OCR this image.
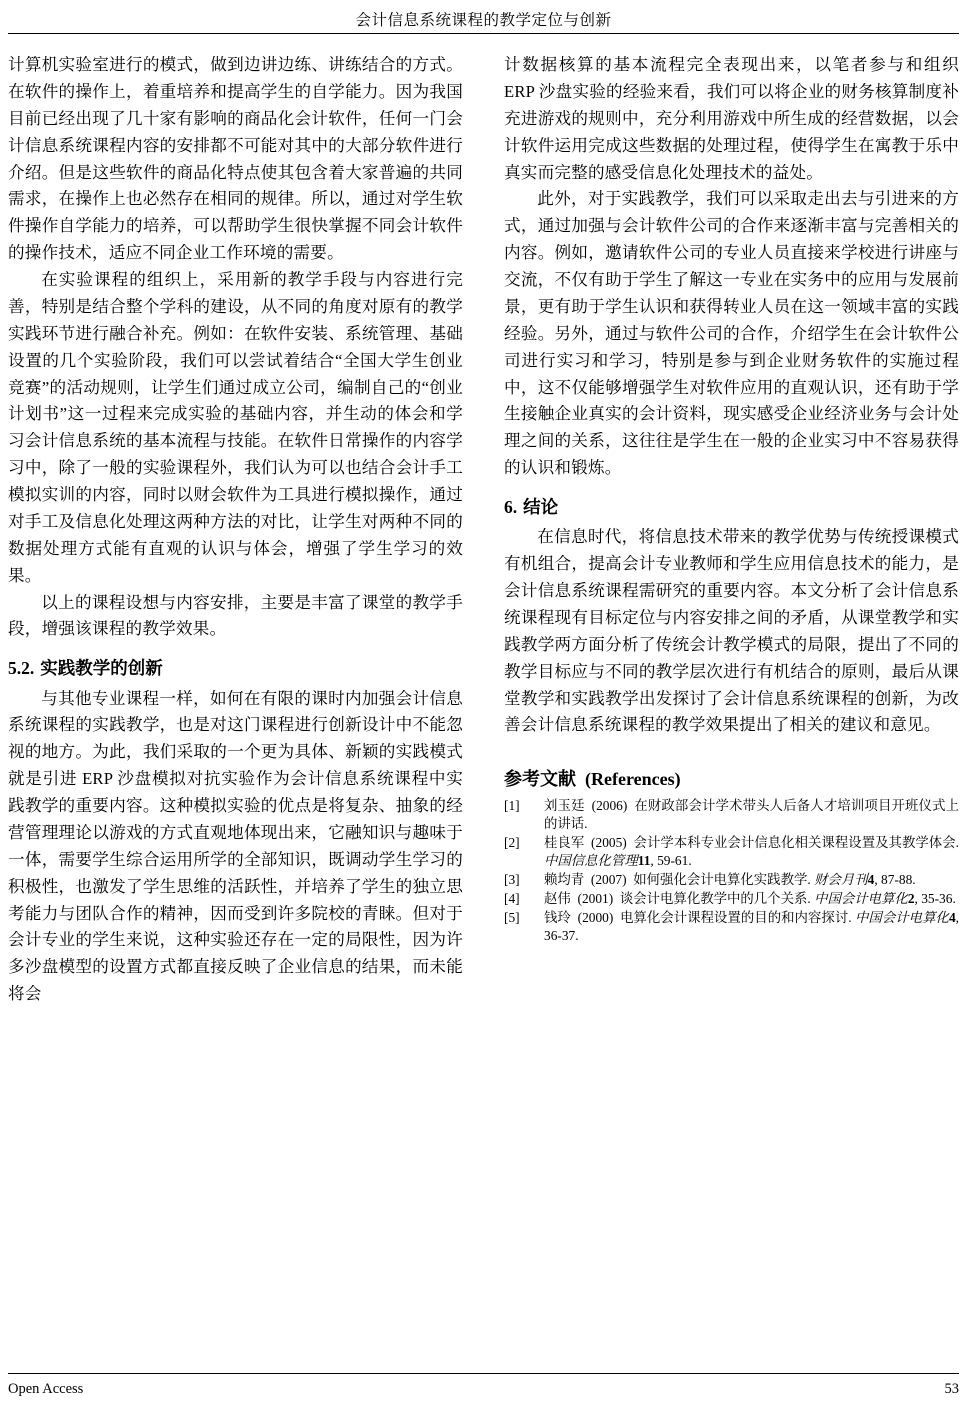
会计信息系统课程的教学定位与创新

计算机实验室进行的模式，做到边讲边练、讲练结合的方式。在软件的操作上，着重培养和提高学生的自学能力。因为我国目前已经出现了几十家有影响的商品化会计软件，任何一门会计信息系统课程内容的安排都不可能对其中的大部分软件进行介绍。但是这些软件的商品化特点使其包含着大家普遍的共同需求，在操作上也必然存在相同的规律。所以，通过对学生软件操作自学能力的培养，可以帮助学生很快掌握不同会计软件的操作技术，适应不同企业工作环境的需要。

在实验课程的组织上，采用新的教学手段与内容进行完善，特别是结合整个学科的建设，从不同的角度对原有的教学实践环节进行融合补充。例如：在软件安装、系统管理、基础设置的几个实验阶段，我们可以尝试着结合“全国大学生创业竞赛”的活动规则，让学生们通过成立公司，编制自己的“创业计划书”这一过程来完成实验的基础内容，并生动的体会和学习会计信息系统的基本流程与技能。在软件日常操作的内容学习中，除了一般的实验课程外，我们认为可以也结合会计手工模拟实训的内容，同时以财会软件为工具进行模拟操作，通过对手工及信息化处理这两种方法的对比，让学生对两种不同的数据处理方式能有直观的认识与体会，增强了学生学习的效果。

以上的课程设想与内容安排，主要是丰富了课堂的教学手段，增强该课程的教学效果。

5.2. 实践教学的创新

与其他专业课程一样，如何在有限的课时内加强会计信息系统课程的实践教学，也是对这门课程进行创新设计中不能忽视的地方。为此，我们采取的一个更为具体、新颖的实践模式就是引进 ERP 沙盘模拟对抗实验作为会计信息系统课程中实践教学的重要内容。这种模拟实验的优点是将复杂、抽象的经营管理理论以游戏的方式直观地体现出来，它融知识与趣味于一体，需要学生综合运用所学的全部知识，既调动学生学习的积极性，也激发了学生思维的活跃性，并培养了学生的独立思考能力与团队合作的精神，因而受到许多院校的青睐。但对于会计专业的学生来说，这种实验还存在一定的局限性，因为许多沙盘模型的设置方式都直接反映了企业信息的结果，而未能将会

计数据核算的基本流程完全表现出来，以笔者参与和组织 ERP 沙盘实验的经验来看，我们可以将企业的财务核算制度补充进游戏的规则中，充分利用游戏中所生成的经营数据，以会计软件运用完成这些数据的处理过程，使得学生在寓教于乐中真实而完整的感受信息化处理技术的益处。

此外，对于实践教学，我们可以采取走出去与引进来的方式，通过加强与会计软件公司的合作来逐渐丰富与完善相关的内容。例如，邀请软件公司的专业人员直接来学校进行讲座与交流，不仅有助于学生了解这一专业在实务中的应用与发展前景，更有助于学生认识和获得转业人员在这一领域丰富的实践经验。另外，通过与软件公司的合作，介绍学生在会计软件公司进行实习和学习，特别是参与到企业财务软件的实施过程中，这不仅能够增强学生对软件应用的直观认识，还有助于学生接触企业真实的会计资料，现实感受企业经济业务与会计处理之间的关系，这往往是学生在一般的企业实习中不容易获得的认识和锻炼。

6. 结论

在信息时代，将信息技术带来的教学优势与传统授课模式有机组合，提高会计专业教师和学生应用信息技术的能力，是会计信息系统课程需研究的重要内容。本文分析了会计信息系统课程现有目标定位与内容安排之间的矛盾，从课堂教学和实践教学两方面分析了传统会计教学模式的局限，提出了不同的教学目标应与不同的教学层次进行有机结合的原则，最后从课堂教学和实践教学出发探讨了会计信息系统课程的创新，为改善会计信息系统课程的教学效果提出了相关的建议和意见。

参考文献 (References)
[1]	刘玉廷 (2006) 在财政部会计学术带头人后备人才培训项目开班仪式上的讲话.
[2]	桂良军 (2005) 会计学本科专业会计信息化相关课程设置及其教学体会. 中国信息化管理11, 59-61.
[3]	赖均青 (2007) 如何强化会计电算化实践教学. 财会月刊4, 87-88.
[4]	赵伟 (2001) 谈会计电算化教学中的几个关系. 中国会计电算化2, 35-36.
[5]	钱玲 (2000) 电算化会计课程设置的目的和内容探讨. 中国会计电算化4, 36-37.
Open Access	53
